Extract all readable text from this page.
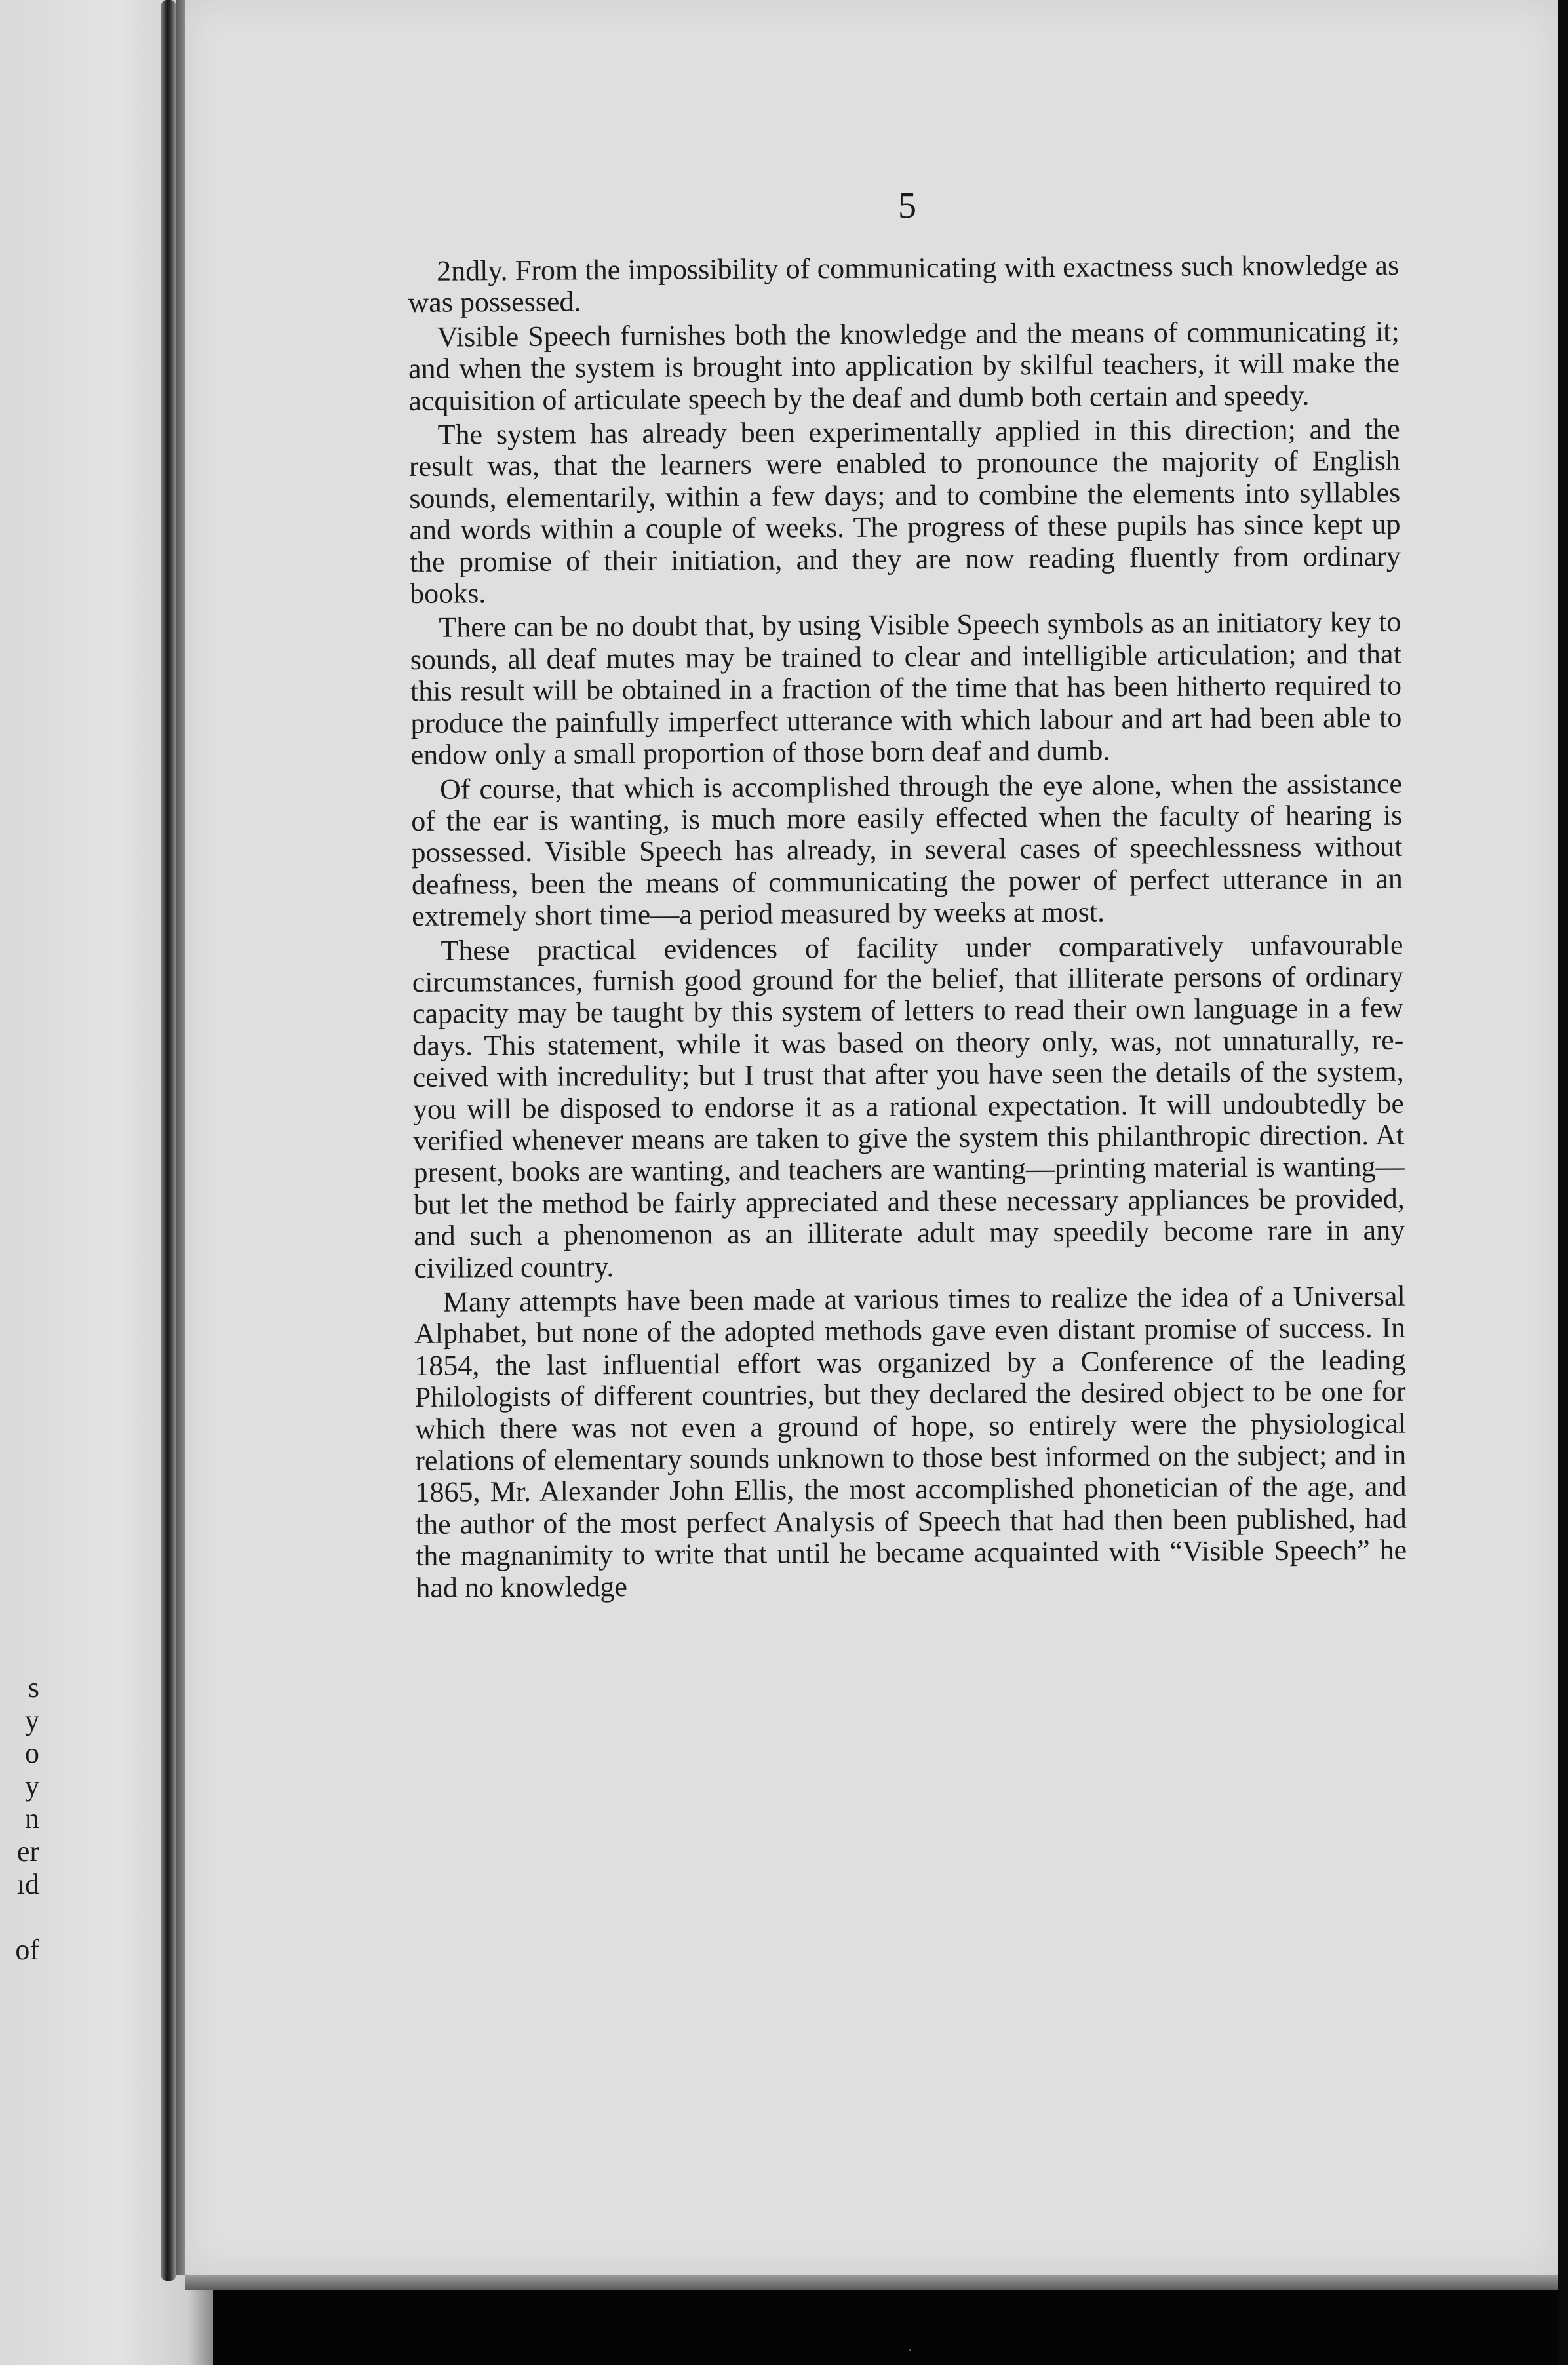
s
y
o
y
n
er
ıd

of
5

2ndly. From the impossibility of communicating with exactness such knowledge as was possessed.

Visible Speech furnishes both the knowledge and the means of communicating it; and when the system is brought into application by skilful teachers, it will make the acquisition of articulate speech by the deaf and dumb both certain and speedy.

The system has already been experimentally applied in this direction; and the result was, that the learners were enabled to pronounce the majority of English sounds, elementarily, within a few days; and to combine the elements into syllables and words within a couple of weeks. The progress of these pupils has since kept up the promise of their initiation, and they are now reading fluently from ordinary books.

There can be no doubt that, by using Visible Speech symbols as an initiatory key to sounds, all deaf mutes may be trained to clear and intelligible articulation; and that this result will be obtained in a fraction of the time that has been hitherto required to produce the painfully imperfect utterance with which labour and art had been able to endow only a small proportion of those born deaf and dumb.

Of course, that which is accomplished through the eye alone, when the assistance of the ear is wanting, is much more easily effected when the faculty of hearing is possessed. Visible Speech has already, in several cases of speechlessness without deafness, been the means of communicating the power of perfect utterance in an extremely short time—a period measured by weeks at most.

These practical evidences of facility under comparatively unfavourable circumstances, furnish good ground for the belief, that illiterate persons of ordinary capacity may be taught by this system of letters to read their own language in a few days. This statement, while it was based on theory only, was, not unnaturally, received with incredulity; but I trust that after you have seen the details of the system, you will be disposed to endorse it as a rational expectation. It will undoubtedly be verified whenever means are taken to give the system this philanthropic direction. At present, books are wanting, and teachers are wanting—printing material is wanting—but let the method be fairly appreciated and these necessary appliances be provided, and such a phenomenon as an illiterate adult may speedily become rare in any civilized country.

Many attempts have been made at various times to realize the idea of a Universal Alphabet, but none of the adopted methods gave even distant promise of success. In 1854, the last influential effort was organized by a Conference of the leading Philologists of different countries, but they declared the desired object to be one for which there was not even a ground of hope, so entirely were the physiological relations of elementary sounds unknown to those best informed on the subject; and in 1865, Mr. Alexander John Ellis, the most accomplished phonetician of the age, and the author of the most perfect Analysis of Speech that had then been published, had the magnanimity to write that until he became acquainted with “Visible Speech” he had no knowledge

·
